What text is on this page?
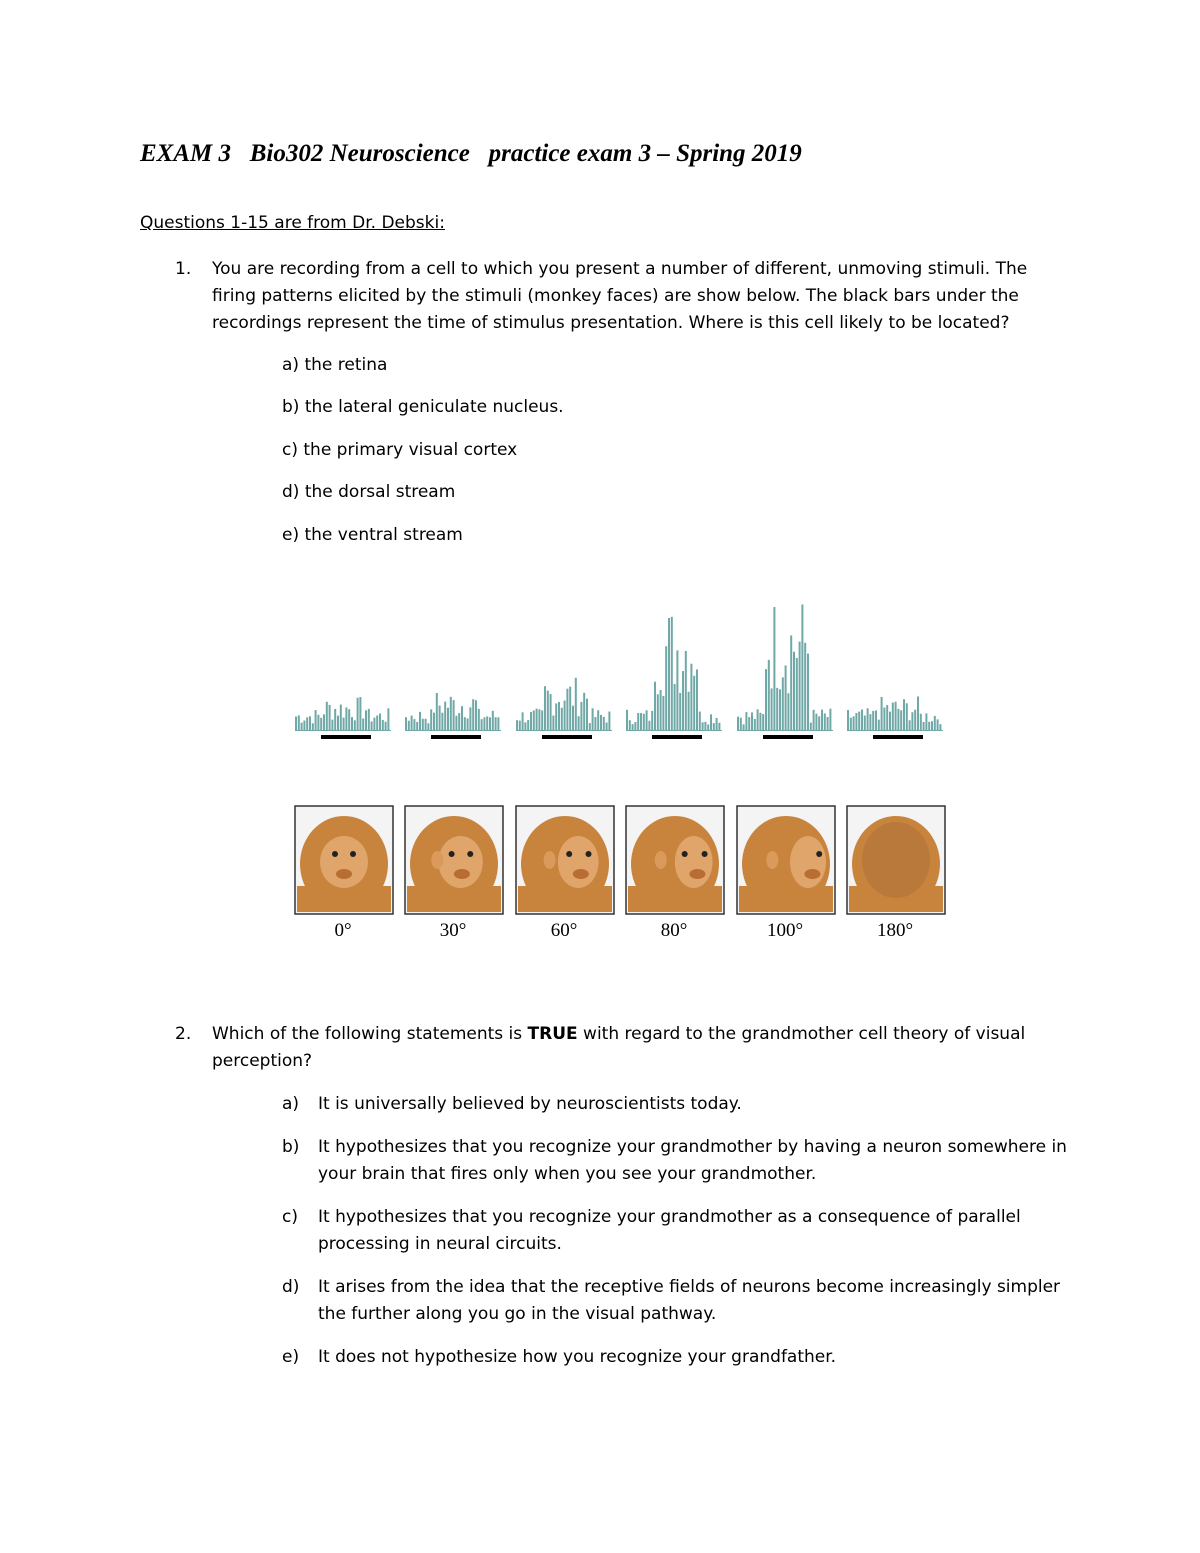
EXAM 3   Bio302 Neuroscience   practice exam 3 – Spring 2019
Questions 1-15 are from Dr. Debski:
1. You are recording from a cell to which you present a number of different, unmoving stimuli. The firing patterns elicited by the stimuli (monkey faces) are show below. The black bars under the recordings represent the time of stimulus presentation. Where is this cell likely to be located?
a) the retina
b) the lateral geniculate nucleus.
c) the primary visual cortex
d) the dorsal stream
e) the ventral stream
0°	30°	60°	80°	100°	180°
2. Which of the following statements is TRUE with regard to the grandmother cell theory of visual perception?
a) It is universally believed by neuroscientists today.
b) It hypothesizes that you recognize your grandmother by having a neuron somewhere in your brain that fires only when you see your grandmother.
c) It hypothesizes that you recognize your grandmother as a consequence of parallel processing in neural circuits.
d) It arises from the idea that the receptive fields of neurons become increasingly simpler the further along you go in the visual pathway.
e) It does not hypothesize how you recognize your grandfather.
